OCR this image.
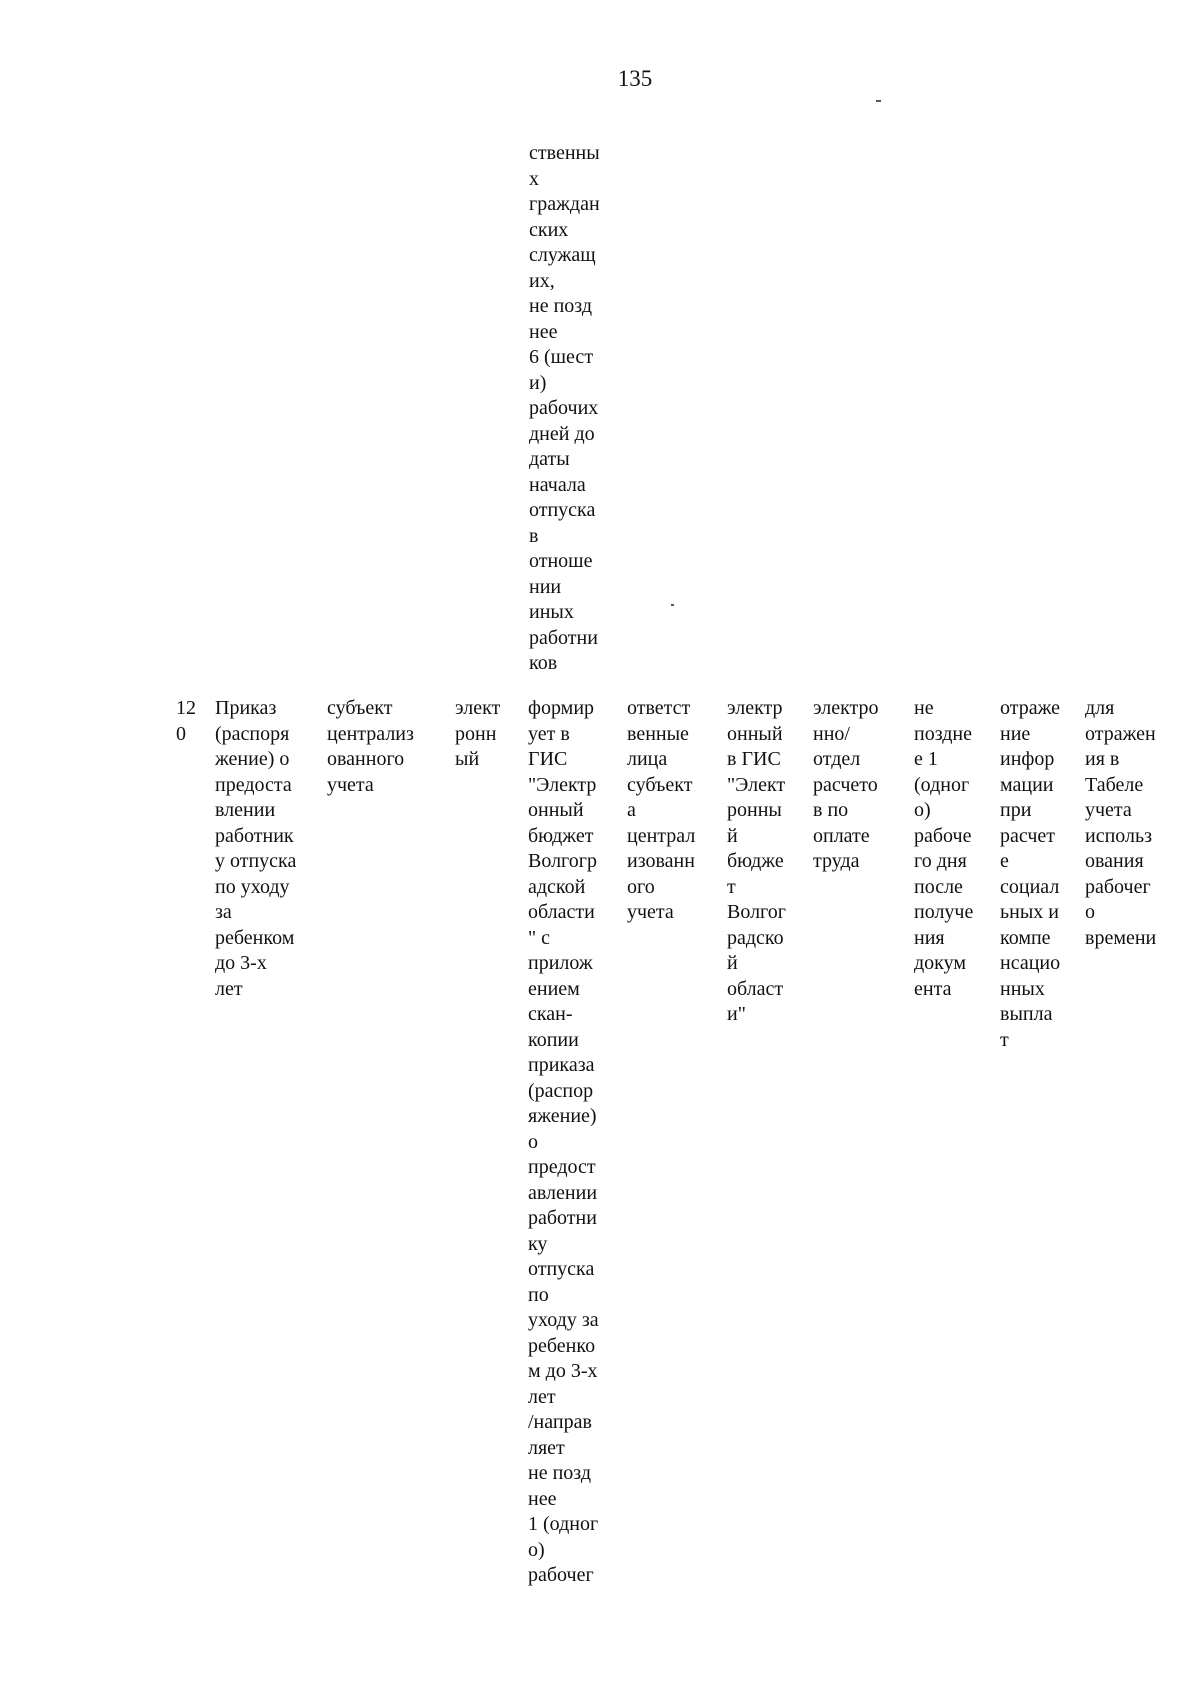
135
ственны
х
граждан
ских
служащ
их,
не позд
нее
6 (шест
и)
рабочих
дней до
даты
начала
отпуска
в
отноше
нии
иных
работни
ков
12
0
Приказ
(распоря
жение) о
предоста
влении
работник
у отпуска
по уходу
за
ребенком
до 3-х
лет
субъект
централиз
ованного
учета
элект
ронн
ый
формир
ует в
ГИС
"Электр
онный
бюджет
Волгогр
адской
области
" с
прилож
ением
скан-
копии
приказа
(распор
яжение)
о
предост
авлении
работни
ку
отпуска
по
уходу за
ребенко
м до 3-х
лет
/направ
ляет
не позд
нее
1 (одног
о)
рабочег
ответст
венные
лица
субъект
а
централ
изованн
ого
учета
электр
онный
в ГИС
"Элект
ронны
й
бюдже
т
Волгог
радско
й
област
и"
электро
нно/
отдел
расчето
в по
оплате
труда
не
поздне
е 1
(одног
о)
рабоче
го дня
после
получе
ния
докум
ента
отраже
ние
инфор
мации
при
расчет
е
социал
ьных и
компе
нсацио
нных
выпла
т
для
отражен
ия в
Табеле
учета
использ
ования
рабочег
о
времени
